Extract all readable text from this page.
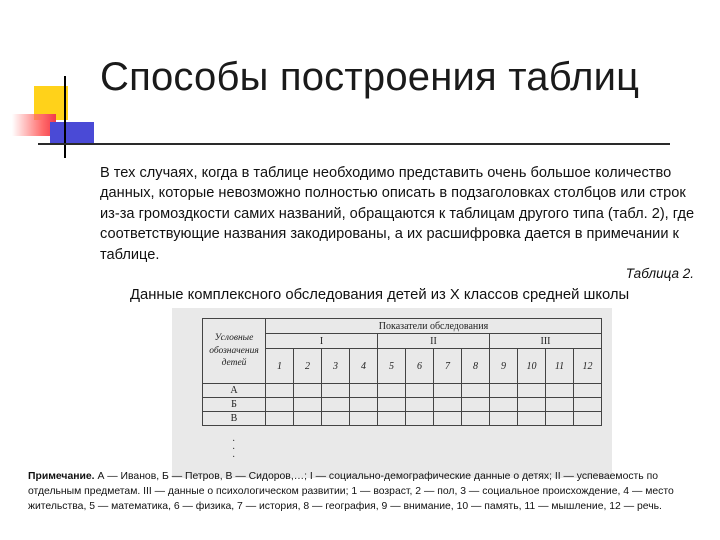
Способы построения таблиц
В тех случаях, когда в таблице необходимо представить очень большое количество данных, которые невозможно полностью описать в подзаголовках столбцов или строк из-за громоздкости самих названий, обращаются к таблицам другого типа (табл. 2), где соответствующие названия закодированы, а их расшифровка дается в примечании к таблице.
Таблица 2.
Данные комплексного обследования детей из X классов средней школы
Условные обозначения детей	Показатели обследования											
	I				II				III			
	1	2	3	4	5	6	7	8	9	10	11	12
А												
Б												
В												
·
·
·
Примечание. А — Иванов, Б — Петров, В — Сидоров,…; I — социально-демографические данные о детях; II — успеваемость по отдельным предметам. III — данные о психологическом развитии; 1 — возраст, 2 — пол, 3 — социальное происхождение, 4 — место жительства, 5 — математика, 6 — физика, 7 — история, 8 — география, 9 — внимание, 10 — память, 11 — мышление, 12 — речь.
